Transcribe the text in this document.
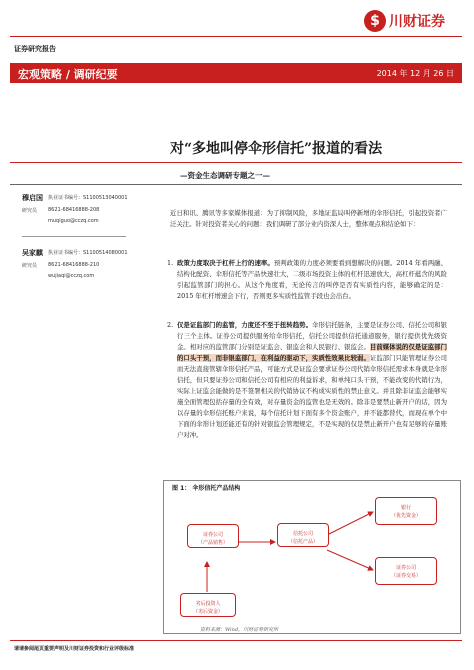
$ 川财证券
证券研究报告
宏观策略 / 调研纪要	2014 年 12 月 26 日
对“多地叫停伞形信托”报道的看法
—资金生态调研专题之一—
穆启国 执业证书编号：S1100513040001
研究员 8621-68416888-208
muqiguo@cczq.com
吴家麒 执业证书编号：S1100514080001
研究员 8621-68416888-210
wujiaqi@cczq.com
近日和讯、腾讯等多家媒体报道：为了抑制风险，多地证监局叫停新增的伞形信托，引起投资者广泛关注。针对投资者关心的问题：我们调研了部分业内资深人士，整体观点和结论如下：
1. 政策力度取决于杠杆上行的速率。预判政策的力度必须要看到想解决的问题。2014 年看两融、结构化配资、伞形信托等产品快速壮大，二级市场投资主体的杠杆迅速放大，高杠杆蕴含的风险引起监管部门的担心。从这个角度看，无论传言的叫停是否有实质性内容，能够确定的是：2015 年杠杆增速会下行，否则更多实质性监管手段也会出台。
2. 仅是证监部门的监管，力度还不至于扭转趋势。伞形信托链条，主要是证券公司、信托公司和银行三个主体。证券公司提供服务给伞形信托，信托公司提供信托通道服务，银行提供优先级资金。相对应的监管部门分别是证监会、银监会和人民银行、银监会。目前媒体说的仅是证监部门的口头干预，而非银监部门，在利益的驱动下，实质性效果比较弱。证监部门只能管理证券公司而无法直接管辖伞形信托产品，可能方式是证监会要求证券公司代销伞形信托需求本身就是伞形信托，但只要证券公司和信托公司有相应的利益诉求，和单纯口头干预，不能改变的代销行为，实际上证监会能做的是不签署相关的代销协议不构成实质性的禁止意义。并且除非证监会能够实施全面管理包括存量的全有效，对存量资金的监管也是无效的。除非是要禁止新开户的话，因为以存量的伞形信托账户来说，每个信托计划下面有多个资金账户，并不能都替代，而现在单个中下面的伞形计划还能还有的针对银监会管理规定，不是实现的仅是禁止新开户也有足够的存量账户对冲。
图 1： 伞形信托产品结构
证券公司
（产品销售）
信托公司
（信托产品）
银行
（优先资金）
证券公司
（证券交易）
劣后投资人
（劣后资金）
资料来源：Wind，川财证券研究所
请请参阅尾页重要声明及川财证券投资和行业评级标准
